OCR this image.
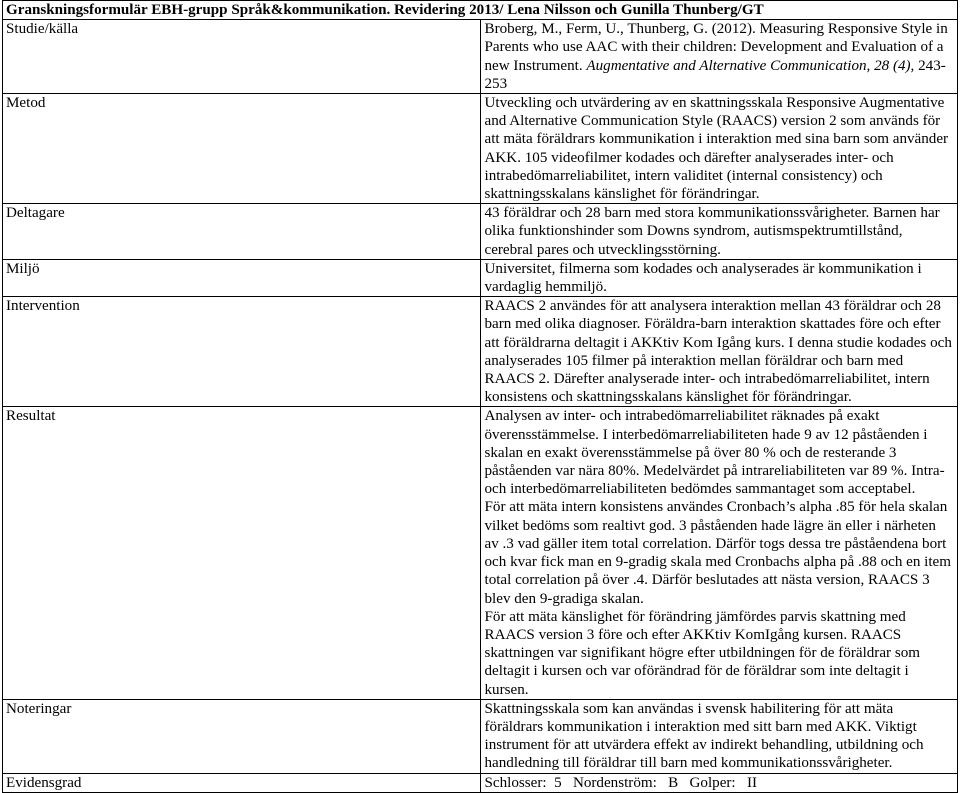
Granskningsformulär EBH-grupp Språk&kommunikation. Revidering 2013/ Lena Nilsson och Gunilla Thunberg/GT	
Studie/källa	Broberg, M., Ferm, U., Thunberg, G. (2012). Measuring Responsive Style in Parents who use AAC with their children: Development and Evaluation of a new Instrument. Augmentative and Alternative Communication, 28 (4), 243-253
Metod	Utveckling och utvärdering av en skattningsskala Responsive Augmentative and Alternative Communication Style (RAACS) version 2 som används för att mäta föräldrars kommunikation i interaktion med sina barn som använder AKK. 105 videofilmer kodades och därefter analyserades inter- och intrabedömarreliabilitet, intern validitet (internal consistency) och skattningsskalans känslighet för förändringar.
Deltagare	43 föräldrar och 28 barn med stora kommunikationssvårigheter. Barnen har olika funktionshinder som Downs syndrom, autismspektrumtillstånd, cerebral pares och utvecklingsstörning.
Miljö	Universitet, filmerna som kodades och analyserades är kommunikation i vardaglig hemmiljö.
Intervention	RAACS 2 användes för att analysera interaktion mellan 43 föräldrar och 28 barn med olika diagnoser. Föräldra-barn interaktion skattades före och efter att föräldrarna deltagit i AKKtiv Kom Igång kurs. I denna studie kodades och analyserades 105 filmer på interaktion mellan föräldrar och barn med RAACS 2. Därefter analyserade inter- och intrabedömarreliabilitet, intern konsistens och skattningsskalans känslighet för förändringar.
Resultat	Analysen av inter- och intrabedömarreliabilitet räknades på exakt överensstämmelse. I interbedömarreliabiliteten hade 9 av 12 påståenden i skalan en exakt överensstämmelse på över 80 % och de resterande 3 påståenden var nära 80%. Medelvärdet på intrareliabiliteten var 89 %. Intra- och interbedömarreliabiliteten bedömdes sammantaget som acceptabel.

För att mäta intern konsistens användes Cronbach’s alpha .85 för hela skalan vilket bedöms som realtivt god. 3 påståenden hade lägre än eller i närheten av .3 vad gäller item total correlation. Därför togs dessa tre påståendena bort och kvar fick man en 9-gradig skala med Cronbachs alpha på .88 och en item total correlation på över .4. Därför beslutades att nästa version, RAACS 3 blev den 9-gradiga skalan.

För att mäta känslighet för förändring jämfördes parvis skattning med RAACS version 3 före och efter AKKtiv KomIgång kursen. RAACS skattningen var signifikant högre efter utbildningen för de föräldrar som deltagit i kursen och var oförändrad för de föräldrar som inte deltagit i kursen.

Noteringar	Skattningsskala som kan användas i svensk habilitering för att mäta föräldrars kommunikation i interaktion med sitt barn med AKK. Viktigt instrument för att utvärdera effekt av indirekt behandling, utbildning och handledning till föräldrar till barn med kommunikationssvårigheter.
Evidensgrad	Schlosser:  5   Nordenström:   B   Golper:   II
